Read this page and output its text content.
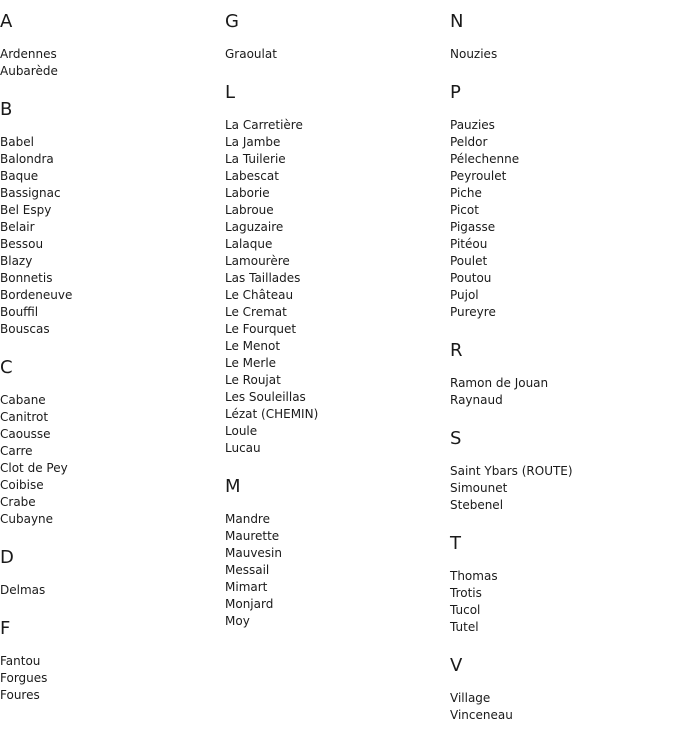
A
Ardennes
Aubarède
B
Babel
Balondra
Baque
Bassignac
Bel Espy
Belair
Bessou
Blazy
Bonnetis
Bordeneuve
Bouffil
Bouscas
C
Cabane
Canitrot
Caousse
Carre
Clot de Pey
Coibise
Crabe
Cubayne
D
Delmas
F
Fantou
Forgues
Foures
G
Graoulat
L
La Carretière
La Jambe
La Tuilerie
Labescat
Laborie
Labroue
Laguzaire
Lalaque
Lamourère
Las Taillades
Le Château
Le Cremat
Le Fourquet
Le Menot
Le Merle
Le Roujat
Les Souleillas
Lézat (CHEMIN)
Loule
Lucau
M
Mandre
Maurette
Mauvesin
Messail
Mimart
Monjard
Moy
N
Nouzies
P
Pauzies
Peldor
Pélechenne
Peyroulet
Piche
Picot
Pigasse
Pitéou
Poulet
Poutou
Pujol
Pureyre
R
Ramon de Jouan
Raynaud
S
Saint Ybars (ROUTE)
Simounet
Stebenel
T
Thomas
Trotis
Tucol
Tutel
V
Village
Vinceneau
